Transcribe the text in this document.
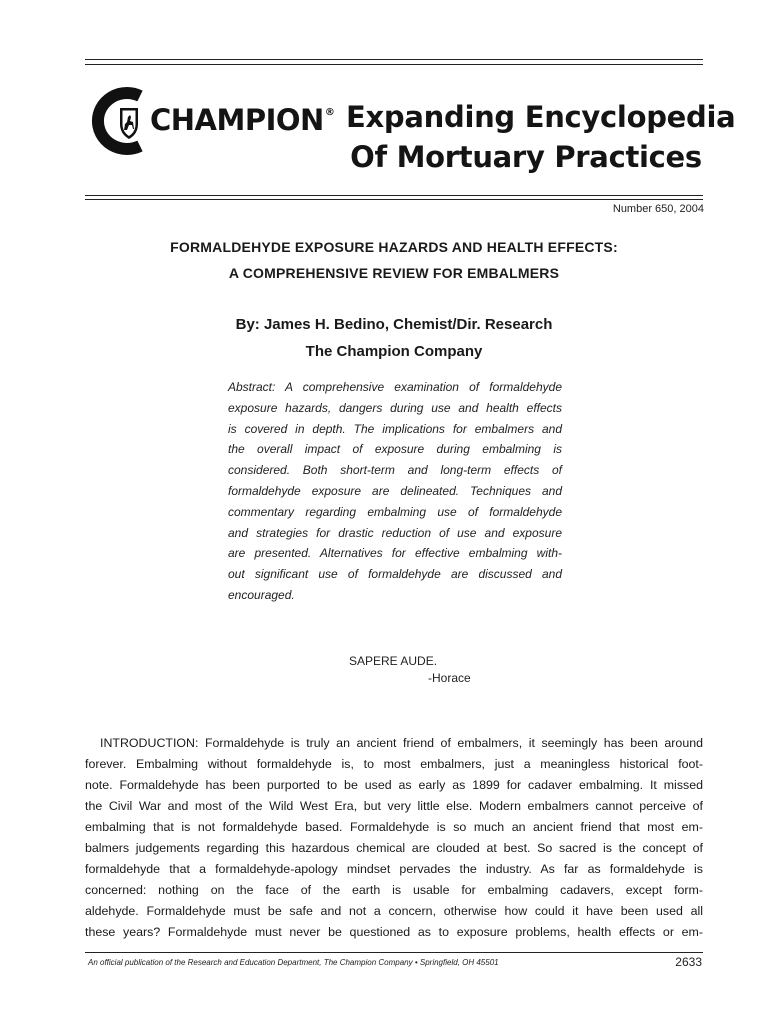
CHAMPION® Expanding Encyclopedia
Of Mortuary Practices
Number 650, 2004
FORMALDEHYDE EXPOSURE HAZARDS AND HEALTH EFFECTS:
A COMPREHENSIVE REVIEW FOR EMBALMERS
By: James H. Bedino, Chemist/Dir. Research
The Champion Company
Abstract: A comprehensive examination of formaldehyde
exposure hazards, dangers during use and health effects
is covered in depth. The implications for embalmers and
the overall impact of exposure during embalming is
considered. Both short-term and long-term effects of
formaldehyde exposure are delineated. Techniques and
commentary regarding embalming use of formaldehyde
and strategies for drastic reduction of use and exposure
are presented. Alternatives for effective embalming with-
out significant use of formaldehyde are discussed and
encouraged.
SAPERE AUDE.
-Horace
INTRODUCTION: Formaldehyde is truly an ancient friend of embalmers, it seemingly has been around
forever. Embalming without formaldehyde is, to most embalmers, just a meaningless historical foot-
note. Formaldehyde has been purported to be used as early as 1899 for cadaver embalming. It missed
the Civil War and most of the Wild West Era, but very little else. Modern embalmers cannot perceive of
embalming that is not formaldehyde based. Formaldehyde is so much an ancient friend that most em-
balmers judgements regarding this hazardous chemical are clouded at best. So sacred is the concept of
formaldehyde that a formaldehyde-apology mindset pervades the industry. As far as formaldehyde is
concerned: nothing on the face of the earth is usable for embalming cadavers, except form-
aldehyde. Formaldehyde must be safe and not a concern, otherwise how could it have been used all
these years? Formaldehyde must never be questioned as to exposure problems, health effects or em-
An official publication of the Research and Education Department, The Champion Company • Springfield, OH 45501	2633
